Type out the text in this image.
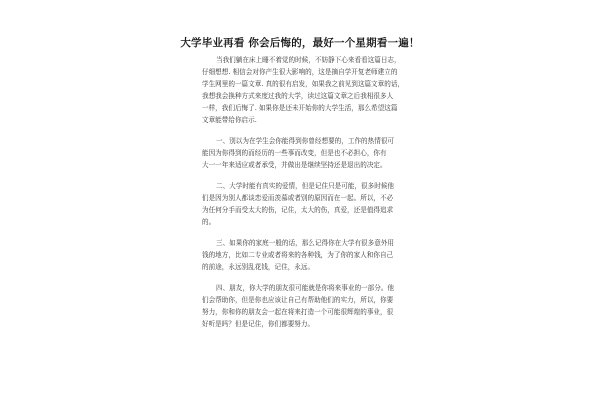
大学毕业再看 你会后悔的，最好一个星期看一遍！
当我们躺在床上睡不着觉的时候，不妨静下心来看看这篇日志，
仔细想想. 相信会对你产生很大影响的，这是摘自学开复老师建立的
学生网里的一篇文章. 真的很有启发，如果我之前见到这篇文章的话，
我想我会换种方式来度过我的大学，读过这篇文章之后我相很多人
一样，我们后悔了. 如果你是还未开始你的大学生活，那么希望这篇
文章能带给你启示.
一、别以为在学生会你能得到你曾经想要的，工作的热情很可
能因为你得到的而经历的一些事而改变，但是也不必担心，你有
大一一年来适应或者承受，并做出是继续坚持还是退出的决定。
二、大学时能有真实的爱情，但是记住只是可能，很多时候他
们是因为别人都谈恋爱而羡慕或者别的原因而在一起。所以，不必
为任何分手而受太大的伤，记住，太大的伤，真爱，还是值得追求
的。
三、如果你的家庭一般的话，那么记得你在大学有很多意外用
钱的地方，比如二专业或者将来的各种钱，为了你的家人和你自己
的前途，永远别乱花钱，记住，永远。
四、朋友，你大学的朋友很可能就是你将来事业的一部分。他
们会帮助你，但是你也应该让自己有帮助他们的实力，所以，你要
努力，你和你的朋友会一起在将来打造一个可能很辉煌的事业，很
好听是吗？但是记住，你们都要努力。
